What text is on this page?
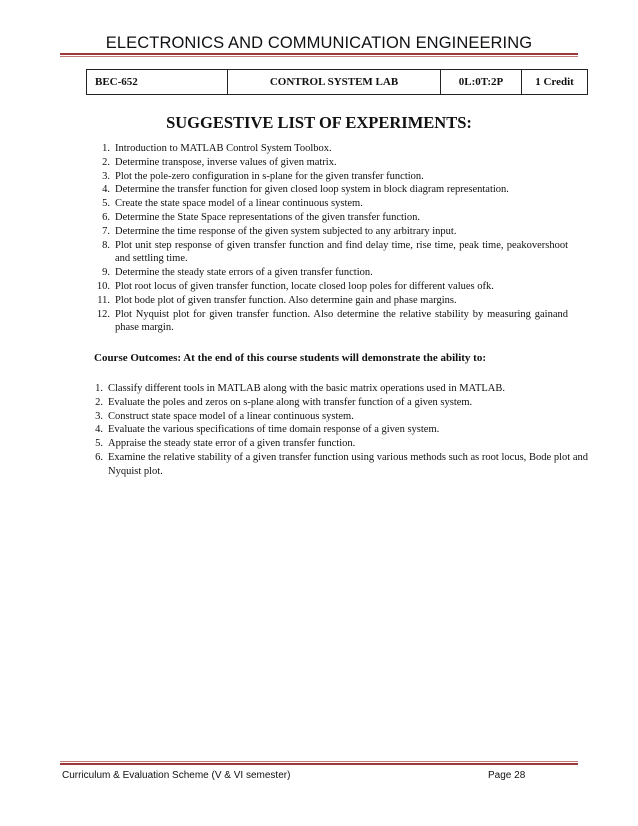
ELECTRONICS AND COMMUNICATION ENGINEERING
BEC-652	CONTROL SYSTEM LAB	0L:0T:2P	1 Credit
SUGGESTIVE LIST OF EXPERIMENTS:
1. Introduction to MATLAB Control System Toolbox.
2. Determine transpose, inverse values of given matrix.
3. Plot the pole-zero configuration in s-plane for the given transfer function.
4. Determine the transfer function for given closed loop system in block diagram representation.
5. Create the state space model of a linear continuous system.
6. Determine the State Space representations of the given transfer function.
7. Determine the time response of the given system subjected to any arbitrary input.
8. Plot unit step response of given transfer function and find delay time, rise time, peak time, peakovershoot and settling time.
9. Determine the steady state errors of a given transfer function.
10. Plot root locus of given transfer function, locate closed loop poles for different values ofk.
11. Plot bode plot of given transfer function. Also determine gain and phase margins.
12. Plot Nyquist plot for given transfer function. Also determine the relative stability by measuring gainand phase margin.
Course Outcomes: At the end of this course students will demonstrate the ability to:
1. Classify different tools in MATLAB along with the basic matrix operations used in MATLAB.
2. Evaluate the poles and zeros on s-plane along with transfer function of a given system.
3. Construct state space model of a linear continuous system.
4. Evaluate the various specifications of time domain response of a given system.
5. Appraise the steady state error of a given transfer function.
6. Examine the relative stability of a given transfer function using various methods such as root locus, Bode plot and Nyquist plot.
Curriculum & Evaluation Scheme (V & VI semester)	Page 28
